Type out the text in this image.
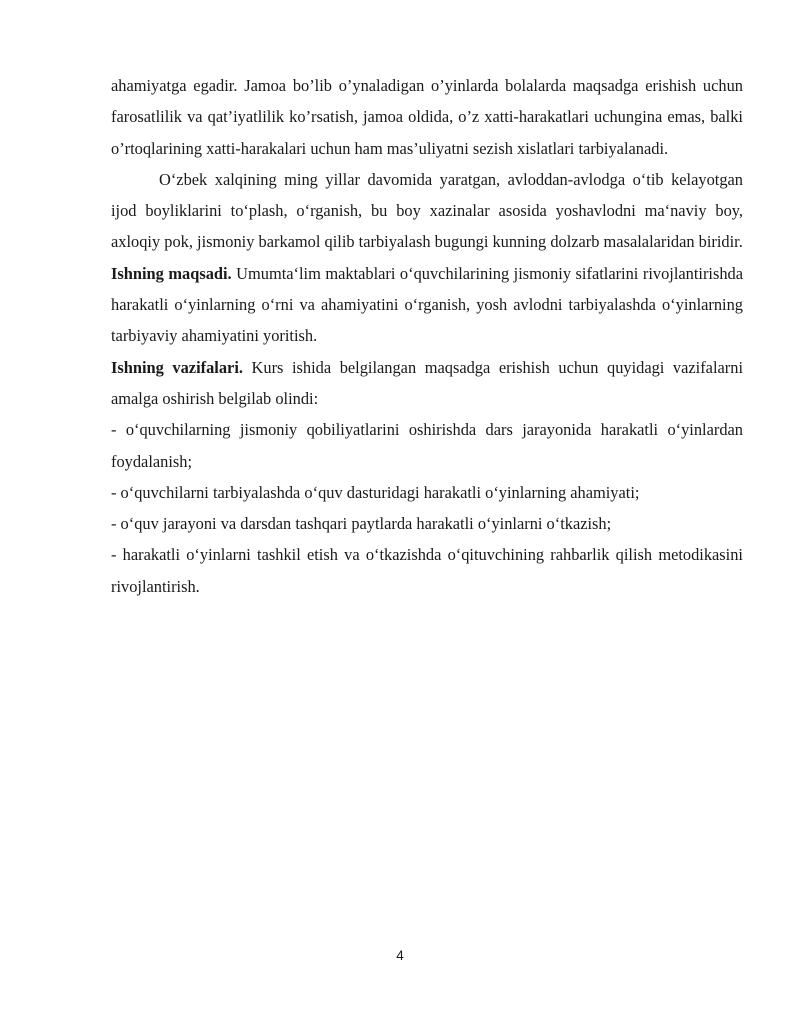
ahamiyatga egadir. Jamoa bo’lib o’ynaladigan o’yinlarda bolalarda maqsadga erishish uchun farosatlilik va qat’iyatlilik ko’rsatish, jamoa oldida, o’z xatti-harakatlari uchungina emas, balki o’rtoqlarining xatti-harakalari uchun ham mas’uliyatni sezish xislatlari tarbiyalanadi.

O‘zbek xalqining ming yillar davomida yaratgan, avloddan-avlodga o‘tib kelayotgan ijod boyliklarini to‘plash, o‘rganish, bu boy xazinalar asosida yoshavlodni ma‘naviy boy, axloqiy pok, jismoniy barkamol qilib tarbiyalash bugungi kunning dolzarb masalalaridan biridir.

Ishning maqsadi. Umumta‘lim maktablari o‘quvchilarining jismoniy sifatlarini rivojlantirishda harakatli o‘yinlarning o‘rni va ahamiyatini o‘rganish, yosh avlodni tarbiyalashda o‘yinlarning tarbiyaviy ahamiyatini yoritish.

Ishning vazifalari. Kurs ishida belgilangan maqsadga erishish uchun quyidagi vazifalarni amalga oshirish belgilab olindi:

- o‘quvchilarning jismoniy qobiliyatlarini oshirishda dars jarayonida harakatli o‘yinlardan foydalanish;

- o‘quvchilarni tarbiyalashda o‘quv dasturidagi harakatli o‘yinlarning ahamiyati;

- o‘quv jarayoni va darsdan tashqari paytlarda harakatli o‘yinlarni o‘tkazish;

- harakatli o‘yinlarni tashkil etish va o‘tkazishda o‘qituvchining rahbarlik qilish metodikasini rivojlantirish.

4
